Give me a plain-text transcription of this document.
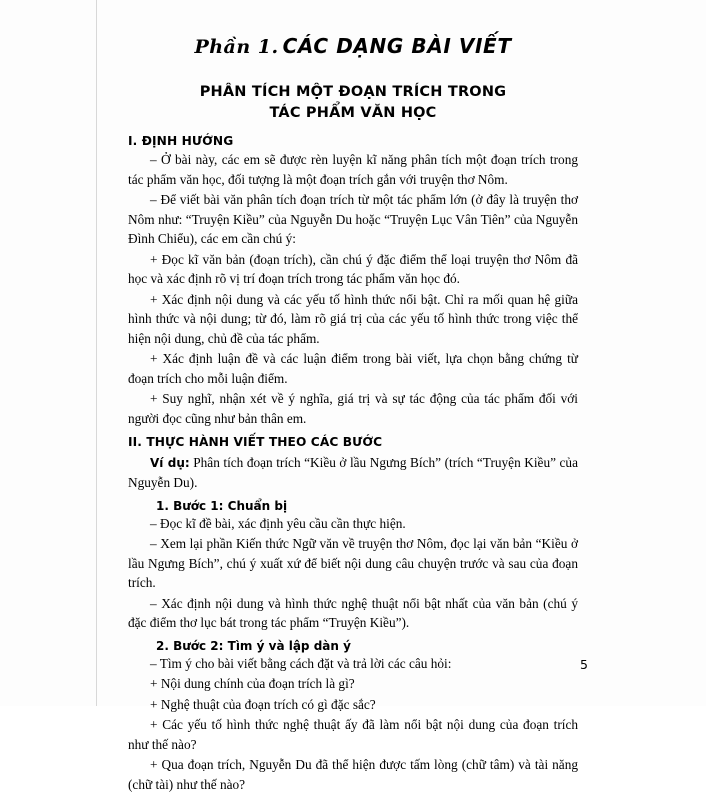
Phần 1. CÁC DẠNG BÀI VIẾT
PHÂN TÍCH MỘT ĐOẠN TRÍCH TRONG
TÁC PHẨM VĂN HỌC
I. ĐỊNH HƯỚNG

– Ở bài này, các em sẽ được rèn luyện kĩ năng phân tích một đoạn trích trong tác phẩm văn học, đối tượng là một đoạn trích gắn với truyện thơ Nôm.

– Để viết bài văn phân tích đoạn trích từ một tác phẩm lớn (ở đây là truyện thơ Nôm như: “Truyện Kiều” của Nguyễn Du hoặc “Truyện Lục Vân Tiên” của Nguyễn Đình Chiểu), các em cần chú ý:

+ Đọc kĩ văn bản (đoạn trích), cần chú ý đặc điểm thể loại truyện thơ Nôm đã học và xác định rõ vị trí đoạn trích trong tác phẩm văn học đó.

+ Xác định nội dung và các yếu tố hình thức nổi bật. Chỉ ra mối quan hệ giữa hình thức và nội dung; từ đó, làm rõ giá trị của các yếu tố hình thức trong việc thể hiện nội dung, chủ đề của tác phẩm.

+ Xác định luận đề và các luận điểm trong bài viết, lựa chọn bằng chứng từ đoạn trích cho mỗi luận điểm.

+ Suy nghĩ, nhận xét về ý nghĩa, giá trị và sự tác động của tác phẩm đối với người đọc cũng như bản thân em.

II. THỰC HÀNH VIẾT THEO CÁC BƯỚC

Ví dụ: Phân tích đoạn trích “Kiều ở lầu Ngưng Bích” (trích “Truyện Kiều” của Nguyễn Du).

1. Bước 1: Chuẩn bị

– Đọc kĩ đề bài, xác định yêu cầu cần thực hiện.

– Xem lại phần Kiến thức Ngữ văn về truyện thơ Nôm, đọc lại văn bản “Kiều ở lầu Ngưng Bích”, chú ý xuất xứ để biết nội dung câu chuyện trước và sau của đoạn trích.

– Xác định nội dung và hình thức nghệ thuật nổi bật nhất của văn bản (chú ý đặc điểm thơ lục bát trong tác phẩm “Truyện Kiều”).

2. Bước 2: Tìm ý và lập dàn ý

– Tìm ý cho bài viết bằng cách đặt và trả lời các câu hỏi:

+ Nội dung chính của đoạn trích là gì?

+ Nghệ thuật của đoạn trích có gì đặc sắc?

+ Các yếu tố hình thức nghệ thuật ấy đã làm nổi bật nội dung của đoạn trích như thế nào?

+ Qua đoạn trích, Nguyễn Du đã thể hiện được tấm lòng (chữ tâm) và tài năng (chữ tài) như thế nào?

5
